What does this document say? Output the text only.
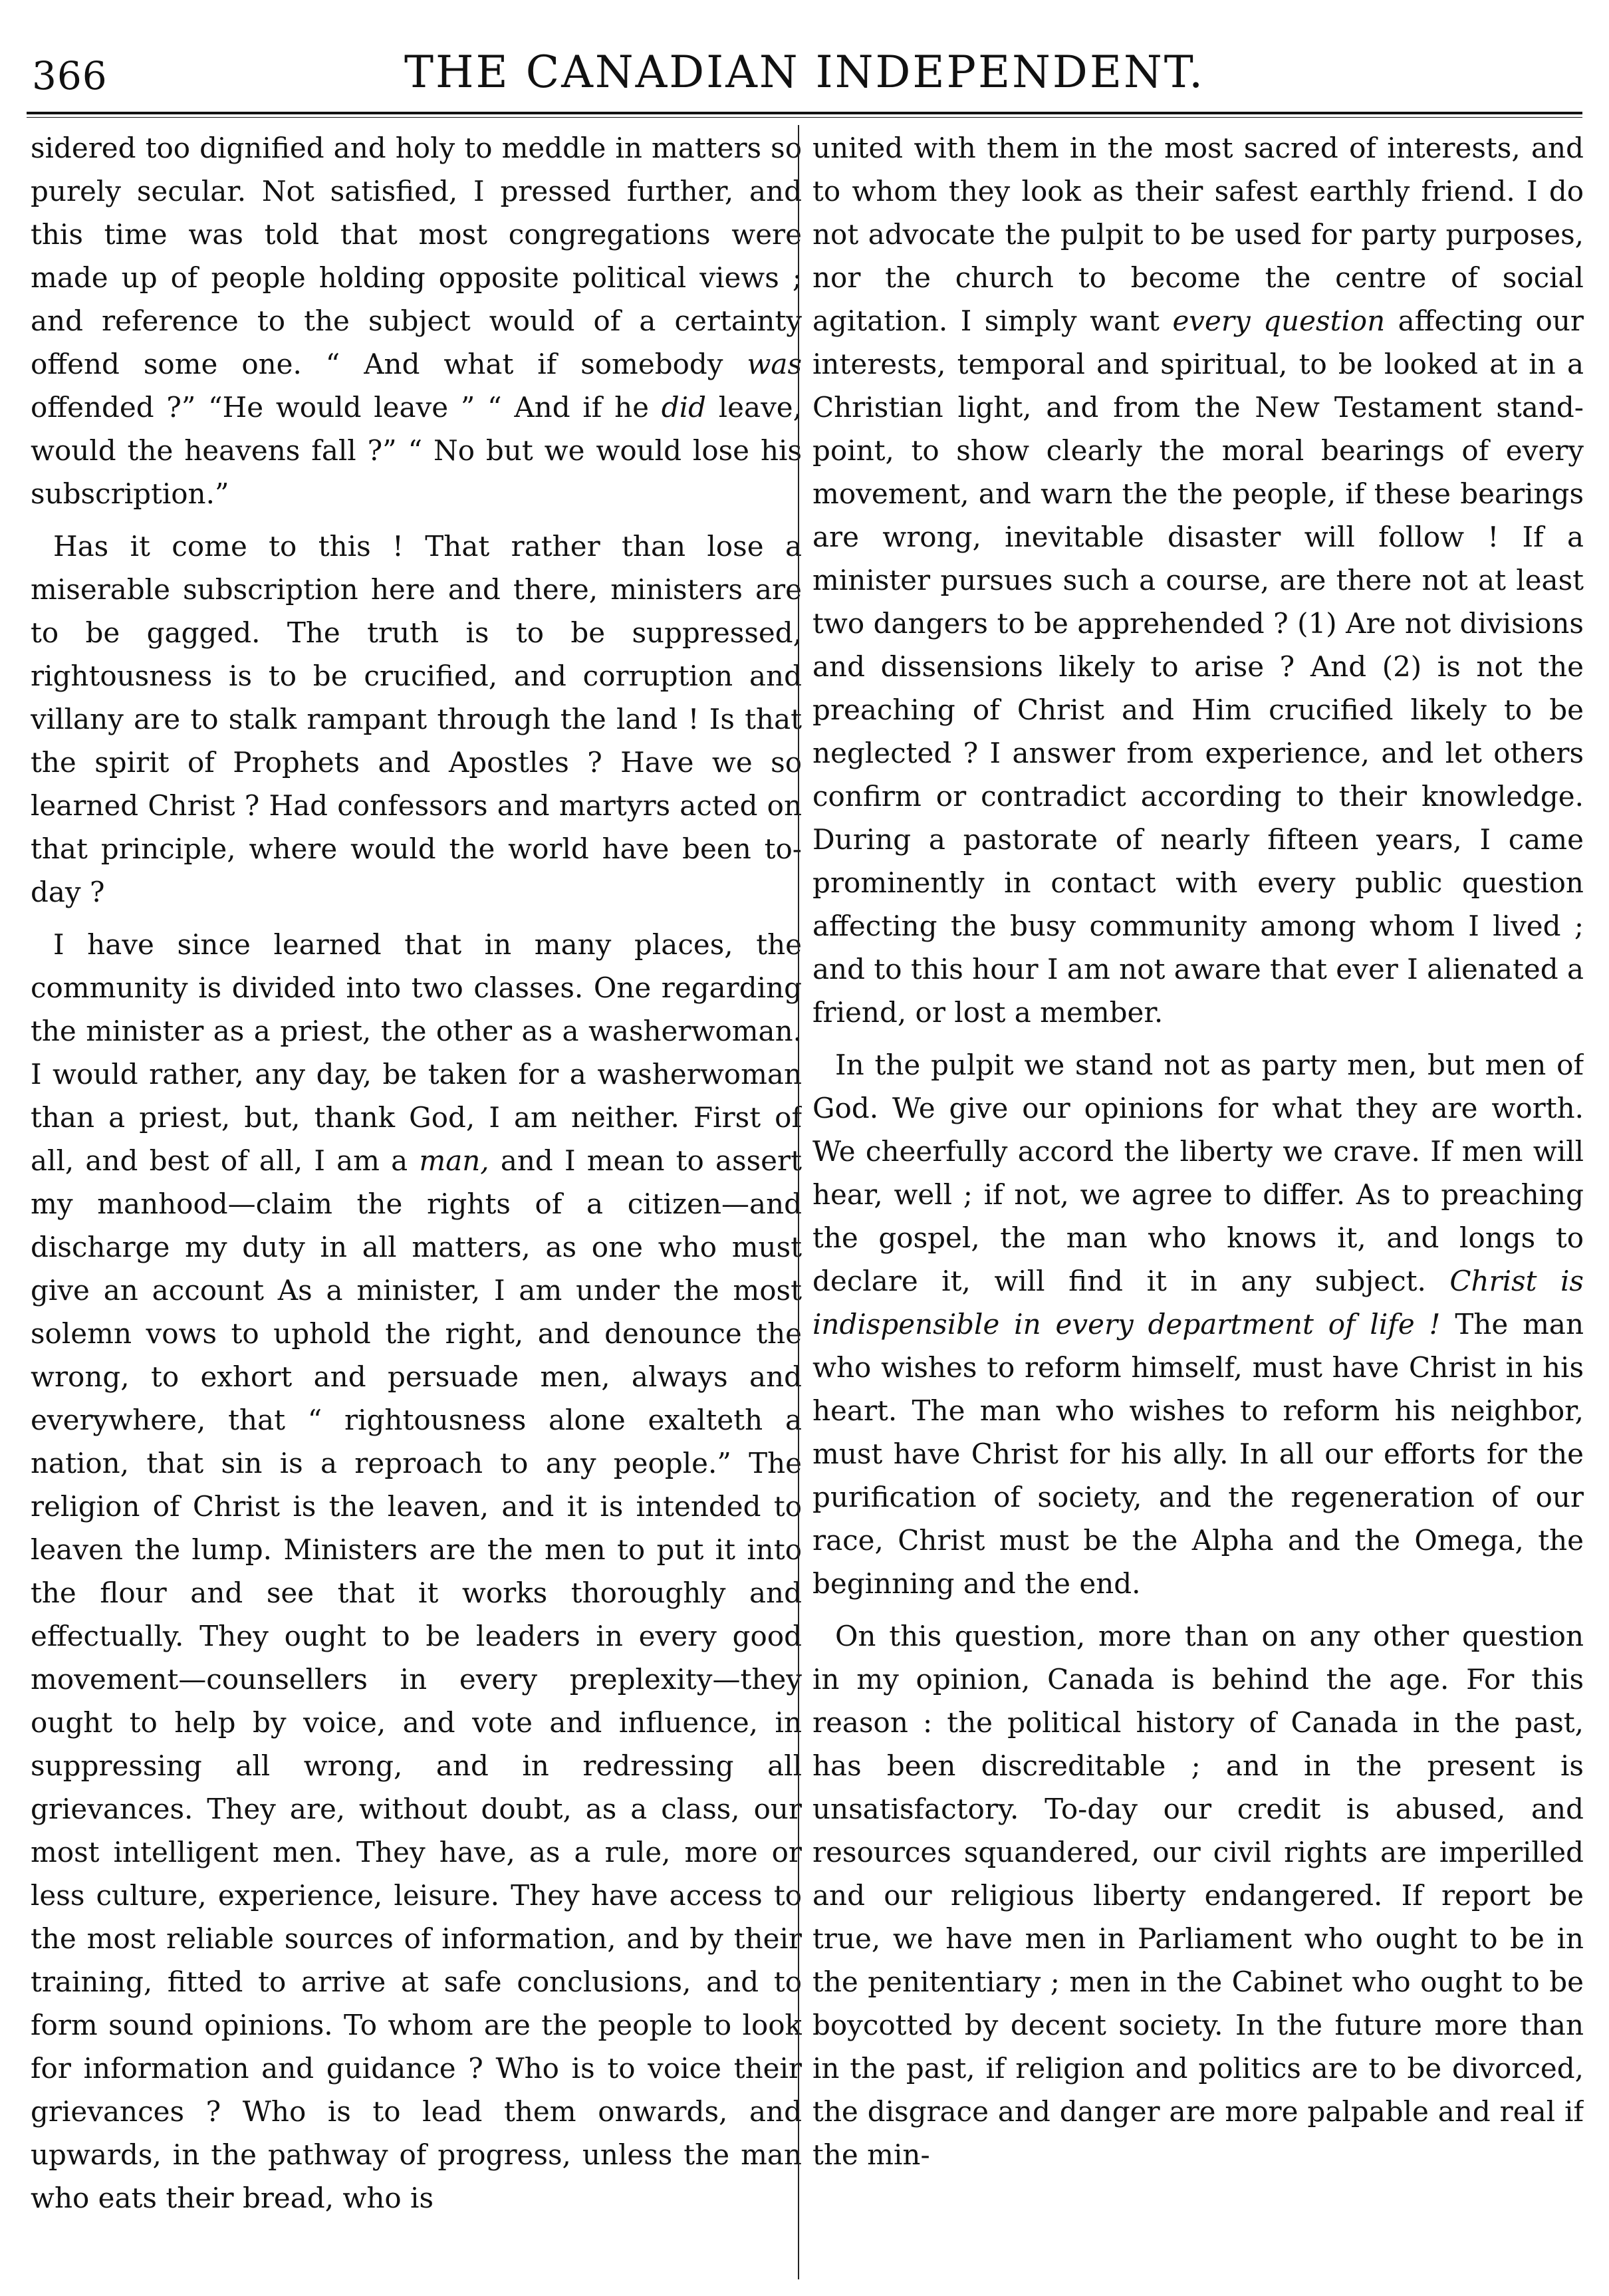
366	THE CANADIAN INDEPENDENT.

sidered too dignified and holy to meddle in matters so purely secular. Not satisfied, I pressed further, and this time was told that most congregations were made up of people holding opposite political views ; and reference to the subject would of a certainty offend some one. “ And what if somebody was offended ?” “He would leave ” “ And if he did leave, would the heavens fall ?” “ No but we would lose his subscription.”

Has it come to this ! That rather than lose a miserable subscription here and there, ministers are to be gagged. The truth is to be suppressed, rightousness is to be crucified, and corruption and villany are to stalk rampant through the land ! Is that the spirit of Prophets and Apostles ? Have we so learned Christ ? Had confessors and martyrs acted on that principle, where would the world have been to-day ?

I have since learned that in many places, the community is divided into two classes. One regarding the minister as a priest, the other as a washerwoman. I would rather, any day, be taken for a washerwoman than a priest, but, thank God, I am neither. First of all, and best of all, I am a man, and I mean to assert my manhood—claim the rights of a citizen—and discharge my duty in all matters, as one who must give an account As a minister, I am under the most solemn vows to uphold the right, and denounce the wrong, to exhort and persuade men, always and everywhere, that “ rightousness alone exalteth a nation, that sin is a reproach to any people.” The religion of Christ is the leaven, and it is intended to leaven the lump. Ministers are the men to put it into the flour and see that it works thoroughly and effectually. They ought to be leaders in every good movement—counsellers in every preplexity—they ought to help by voice, and vote and influence, in suppressing all wrong, and in redressing all grievances. They are, without doubt, as a class, our most intelligent men. They have, as a rule, more or less culture, experience, leisure. They have access to the most reliable sources of information, and by their training, fitted to arrive at safe conclusions, and to form sound opinions. To whom are the people to look for information and guidance ? Who is to voice their grievances ? Who is to lead them onwards, and upwards, in the pathway of progress, unless the man who eats their bread, who is

united with them in the most sacred of interests, and to whom they look as their safest earthly friend. I do not advocate the pulpit to be used for party purposes, nor the church to become the centre of social agitation. I simply want every question affecting our interests, temporal and spiritual, to be looked at in a Christian light, and from the New Testament stand-point, to show clearly the moral bearings of every movement, and warn the the people, if these bearings are wrong, inevitable disaster will follow ! If a minister pursues such a course, are there not at least two dangers to be apprehended ? (1) Are not divisions and dissensions likely to arise ? And (2) is not the preaching of Christ and Him crucified likely to be neglected ? I answer from experience, and let others confirm or contradict according to their knowledge. During a pastorate of nearly fifteen years, I came prominently in contact with every public question affecting the busy community among whom I lived ; and to this hour I am not aware that ever I alienated a friend, or lost a member.

In the pulpit we stand not as party men, but men of God. We give our opinions for what they are worth. We cheerfully accord the liberty we crave. If men will hear, well ; if not, we agree to differ. As to preaching the gospel, the man who knows it, and longs to declare it, will find it in any subject. Christ is indispensible in every department of life ! The man who wishes to reform himself, must have Christ in his heart. The man who wishes to reform his neighbor, must have Christ for his ally. In all our efforts for the purification of society, and the regeneration of our race, Christ must be the Alpha and the Omega, the beginning and the end.

On this question, more than on any other question in my opinion, Canada is behind the age. For this reason : the political history of Canada in the past, has been discreditable ; and in the present is unsatisfactory. To-day our credit is abused, and resources squandered, our civil rights are imperilled and our religious liberty endangered. If report be true, we have men in Parliament who ought to be in the penitentiary ; men in the Cabinet who ought to be boycotted by decent society. In the future more than in the past, if religion and politics are to be divorced, the disgrace and danger are more palpable and real if the min-
